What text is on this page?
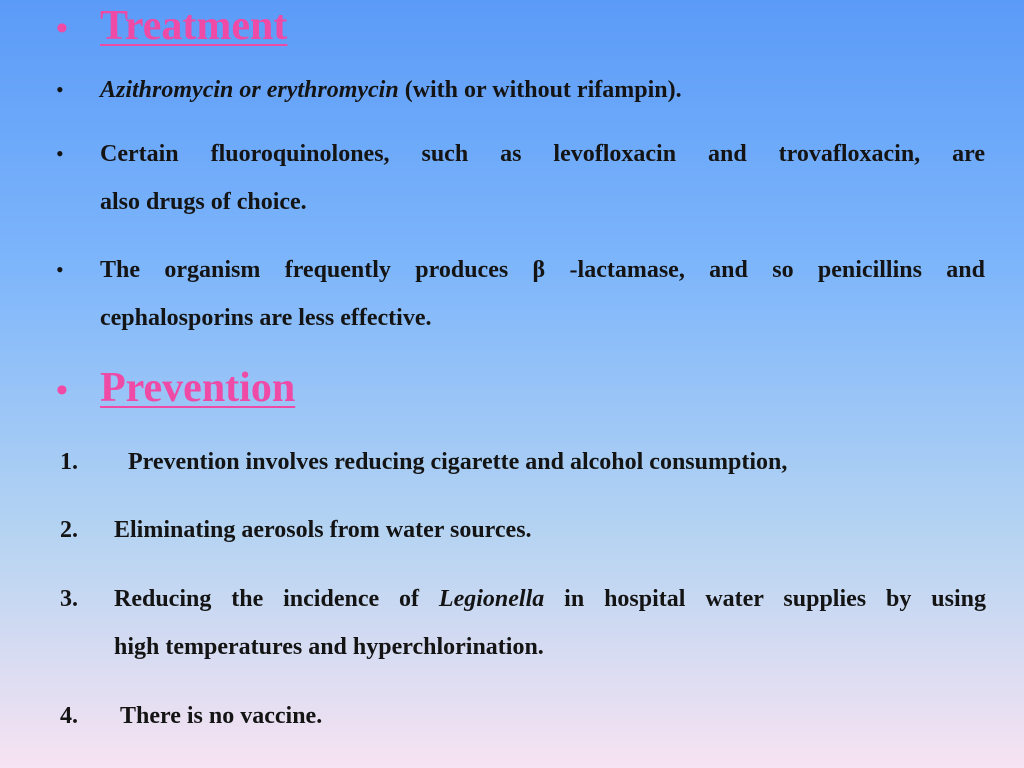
• Treatment
• Azithromycin or erythromycin (with or without rifampin).
• Certain fluoroquinolones, such as levofloxacin and trovafloxacin, are
also drugs of choice.
• The organism frequently produces β -lactamase, and so penicillins and
cephalosporins are less effective.
• Prevention
1. Prevention involves reducing cigarette and alcohol consumption,
2. Eliminating aerosols from water sources.
3. Reducing the incidence of Legionella in hospital water supplies by using
high temperatures and hyperchlorination.
4. There is no vaccine.
